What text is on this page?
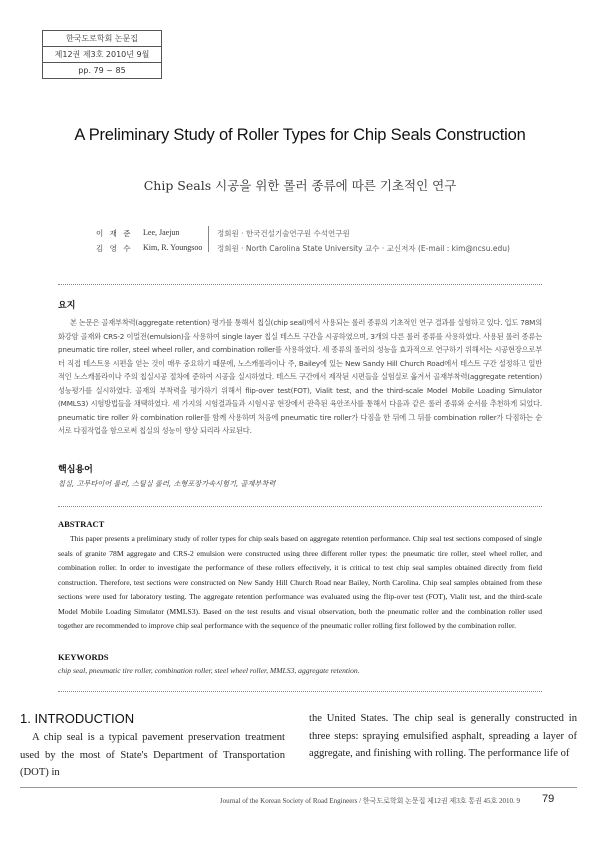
한국도로학회 논문집
제12권 제3호 2010년 9월
pp. 79 ~ 85
A Preliminary Study of Roller Types for Chip Seals Construction
Chip Seals 시공을 위한 롤러 종류에 따른 기초적인 연구
이 재 준 Lee, Jaejun	정회원 · 한국건설기술연구원 수석연구원
김 영 수 Kim, R. Youngsoo 정회원 · North Carolina State University 교수 · 교신저자 (E-mail : kim@ncsu.edu)
요지

본 논문은 골재부착력(aggregate retention) 평가를 통해서 칩실(chip seal)에서 사용되는 롤러 종류의 기초적인 연구 결과를 실험하고 있다. 입도 78M의 화강암 골재와 CRS-2 이멀전(emulsion)을 사용하여 single layer 칩실 테스트 구간을 시공하였으며, 3개의 다른 롤러 종류를 사용하였다. 사용된 롤러 종류는 pneumatic tire roller, steel wheel roller, and combination roller를 사용하였다. 세 종류의 롤러의 성능을 효과적으로 연구하기 위해서는 시공현장으로부터 직접 테스트용 시편을 얻는 것이 매우 중요하기 때문에, 노스캐롤라이나 주, Bailey에 있는 New Sandy Hill Church Road에서 테스트 구간 설정하고 일반적인 노스캐롤라이나 주의 칩실시공 절차에 준하여 시공을 실시하였다. 테스트 구간에서 제작된 시편들을 실험실로 옮겨서 골재부착력(aggregate retention) 성능평가를 실시하였다. 골재의 부착력을 평가하기 위해서 flip-over test(FOT), Vialit test, and the third-scale Model Mobile Loading Simulator (MMLS3) 시험방법들을 채택하였다. 세 가지의 시험결과들과 시험시공 현장에서 관측된 육안조사를 통해서 다음과 같은 롤러 종류와 순서를 추천하게 되었다. pneumatic tire roller 와 combination roller를 함께 사용하며 처음에 pneumatic tire roller가 다짐을 한 뒤에 그 뒤를 combination roller가 다짐하는 순서로 다짐작업을 함으로써 칩실의 성능이 향상 되리라 사료된다.

핵심용어
칩실, 고무타이어 롤러, 스틸실 롤러, 소형포장가속시험기, 골재부착력
ABSTRACT

This paper presents a preliminary study of roller types for chip seals based on aggregate retention performance. Chip seal test sections composed of single seals of granite 78M aggregate and CRS-2 emulsion were constructed using three different roller types: the pneumatic tire roller, steel wheel roller, and combination roller. In order to investigate the performance of these rollers effectively, it is critical to test chip seal samples obtained directly from field construction. Therefore, test sections were constructed on New Sandy Hill Church Road near Bailey, North Carolina. Chip seal samples obtained from these sections were used for laboratory testing. The aggregate retention performance was evaluated using the flip-over test (FOT), Vialit test, and the third-scale Model Mobile Loading Simulator (MMLS3). Based on the test results and visual observation, both the pneumatic roller and the combination roller used together are recommended to improve chip seal performance with the sequence of the pneumatic roller rolling first followed by the combination roller.

KEYWORDS
chip seal, pneumatic tire roller, combination roller, steel wheel roller, MMLS3, aggregate retention.
1. INTRODUCTION

A chip seal is a typical pavement preservation treatment used by the most of State's Department of Transportation (DOT) in

the United States. The chip seal is generally constructed in three steps: spraying emulsified asphalt, spreading a layer of aggregate, and finishing with rolling. The performance life of

Journal of the Korean Society of Road Engineers / 한국도로학회 논문집 제12권 제3호 통권 45호 2010. 9 79
